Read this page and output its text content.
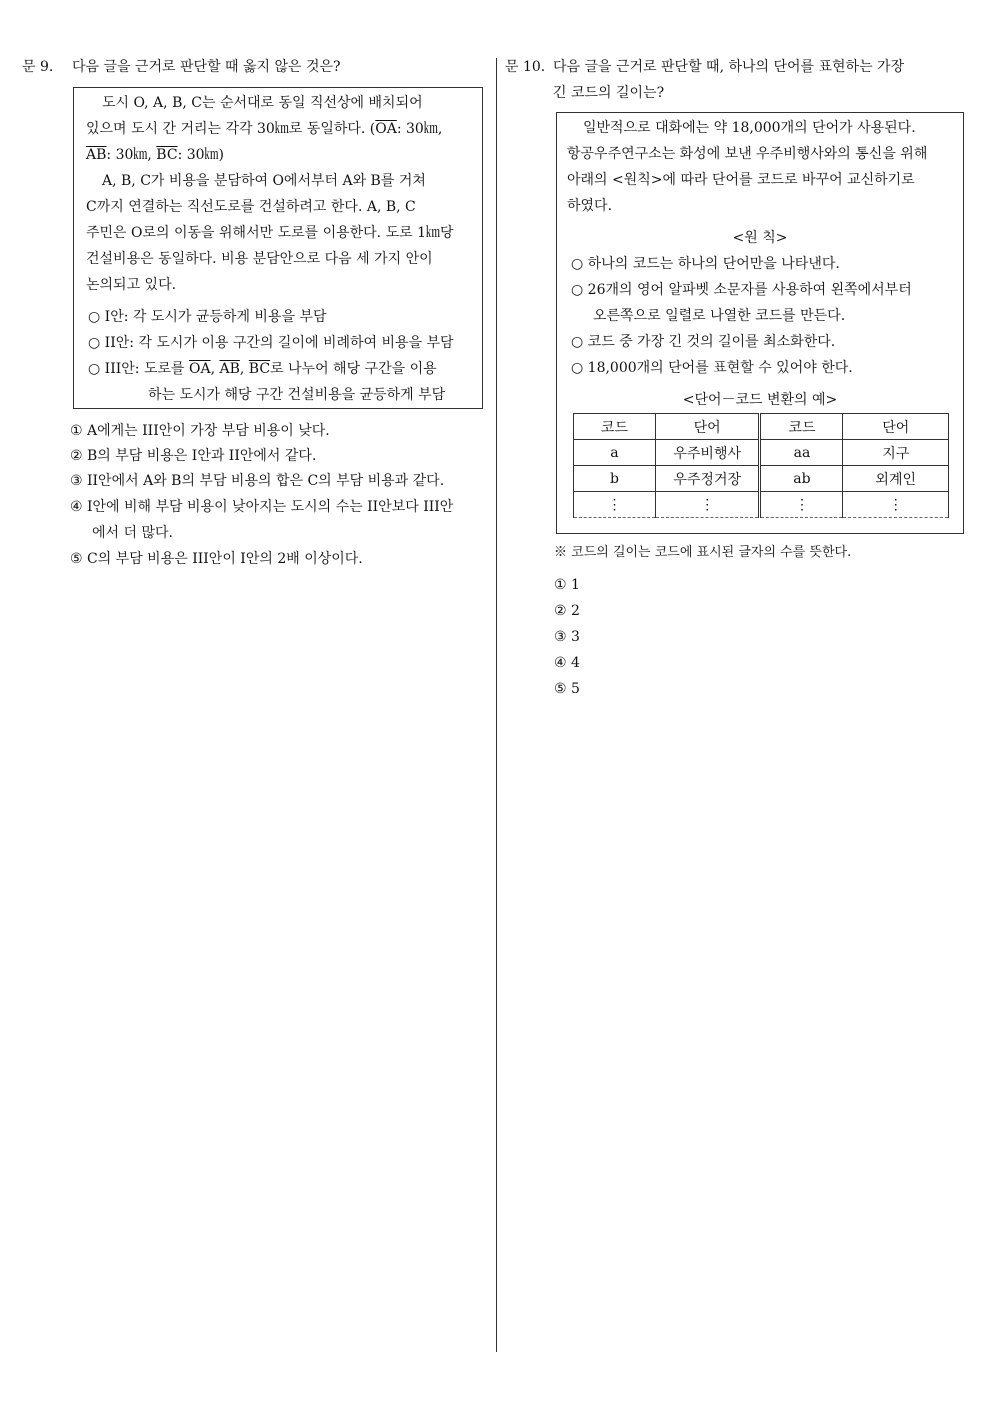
문 9. 다음 글을 근거로 판단할 때 옳지 않은 것은?
도시 O, A, B, C는 순서대로 동일 직선상에 배치되어
있으며 도시 간 거리는 각각 30㎞로 동일하다. ($\overline{OA}$: 30㎞,
$\overline{AB}$: 30㎞, $\overline{BC}$: 30㎞)
A, B, C가 비용을 분담하여 O에서부터 A와 B를 거쳐
C까지 연결하는 직선도로를 건설하려고 한다. A, B, C
주민은 O로의 이동을 위해서만 도로를 이용한다. 도로 1㎞당
건설비용은 동일하다. 비용 분담안으로 다음 세 가지 안이
논의되고 있다.
○ I안: 각 도시가 균등하게 비용을 부담
○ II안: 각 도시가 이용 구간의 길이에 비례하여 비용을 부담
○ III안: 도로를 $\overline{OA}$, $\overline{AB}$, $\overline{BC}$로 나누어 해당 구간을 이용
하는 도시가 해당 구간 건설비용을 균등하게 부담
① A에게는 III안이 가장 부담 비용이 낮다.
② B의 부담 비용은 I안과 II안에서 같다.
③ II안에서 A와 B의 부담 비용의 합은 C의 부담 비용과 같다.
④ I안에 비해 부담 비용이 낮아지는 도시의 수는 II안보다 III안
에서 더 많다.
⑤ C의 부담 비용은 III안이 I안의 2배 이상이다.
문 10. 다음 글을 근거로 판단할 때, 하나의 단어를 표현하는 가장
긴 코드의 길이는?
일반적으로 대화에는 약 18,000개의 단어가 사용된다.
항공우주연구소는 화성에 보낸 우주비행사와의 통신을 위해
아래의 <원칙>에 따라 단어를 코드로 바꾸어 교신하기로
하였다.
<원 칙>
○ 하나의 코드는 하나의 단어만을 나타낸다.
○ 26개의 영어 알파벳 소문자를 사용하여 왼쪽에서부터
오른쪽으로 일렬로 나열한 코드를 만든다.
○ 코드 중 가장 긴 것의 길이를 최소화한다.
○ 18,000개의 단어를 표현할 수 있어야 한다.
<단어－코드 변환의 예>
코드	단어	코드	단어
a	우주비행사	aa	지구
b	우주정거장	ab	외계인
⋮	⋮	⋮	⋮
※ 코드의 길이는 코드에 표시된 글자의 수를 뜻한다.
① 1
② 2
③ 3
④ 4
⑤ 5
